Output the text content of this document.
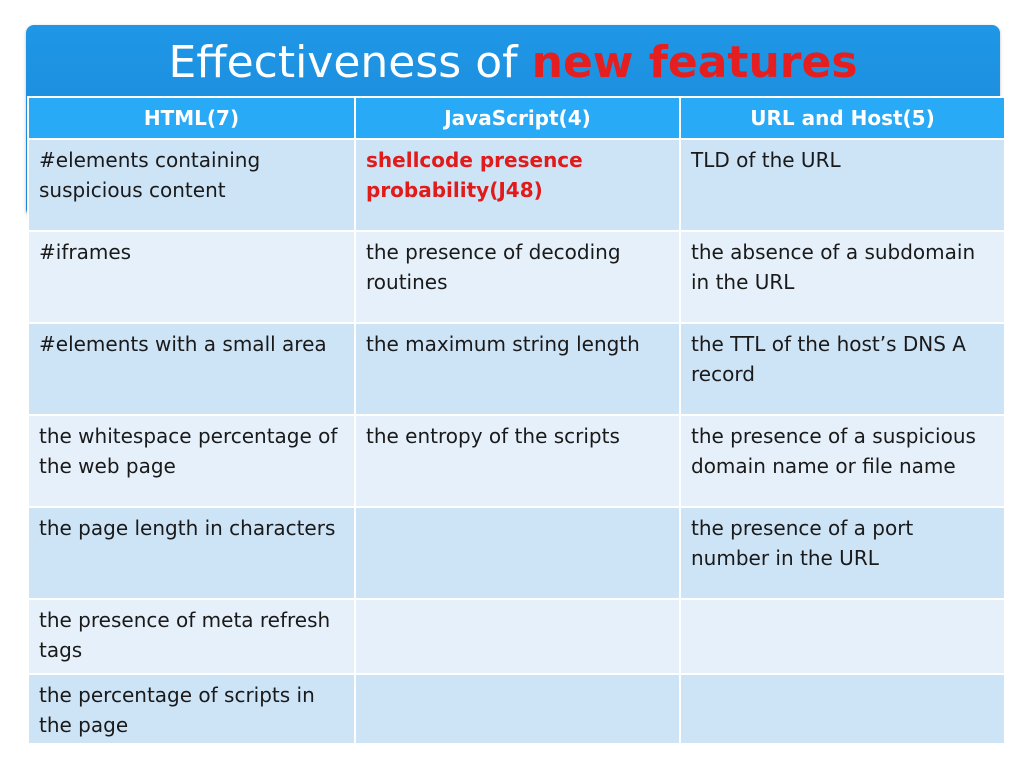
Effectiveness of new features
HTML(7)	JavaScript(4)	URL and Host(5)
#elements containing suspicious content	shellcode presence probability(J48)	TLD of the URL
#iframes	the presence of decoding routines	the absence of a subdomain in the URL
#elements with a small area	the maximum string length	the TTL of the host’s DNS A record
the whitespace percentage of the web page	the entropy of the scripts	the presence of a suspicious domain name or file name
the page length in characters		the presence of a port number in the URL
the presence of meta refresh tags		
the percentage of scripts in the page		
